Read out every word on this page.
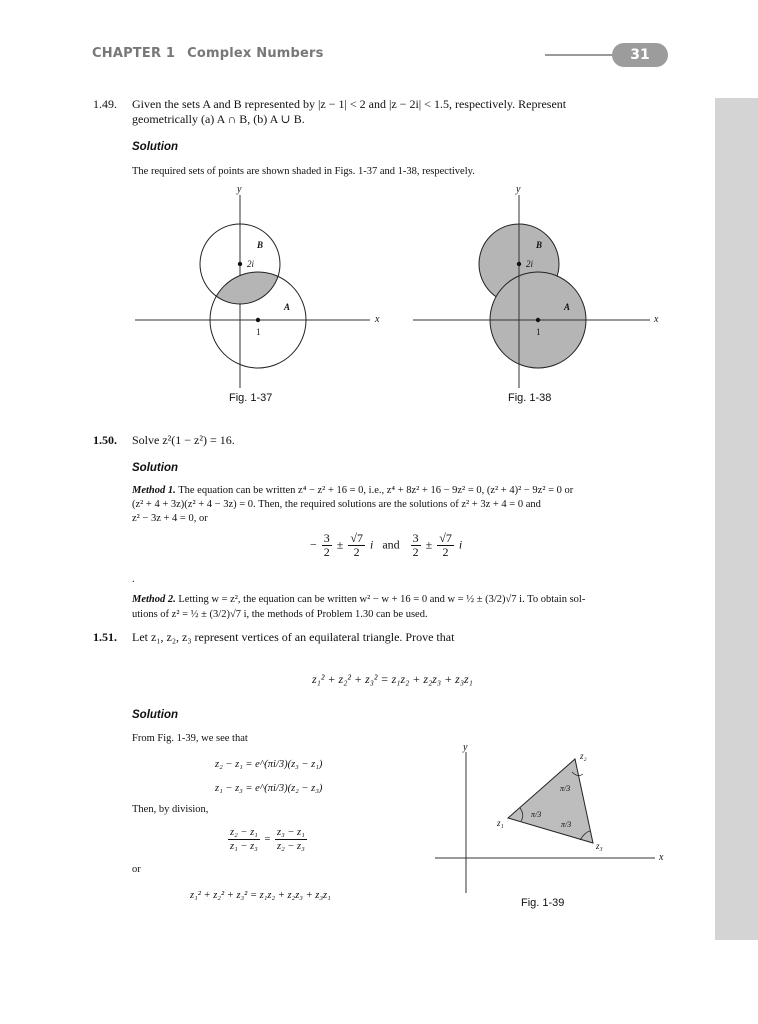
CHAPTER 1 Complex Numbers	31
1.49. Given the sets A and B represented by |z − 1| < 2 and |z − 2i| < 1.5, respectively. Represent
geometrically (a) A ∩ B, (b) A ∪ B.
Solution
The required sets of points are shown shaded in Figs. 1-37 and 1-38, respectively.
y
x
B
2i
A
1
Fig. 1-37
y
x
B
2i
A
1
Fig. 1-38
1.50. Solve z²(1 − z²) = 16.
Solution
Method 1. The equation can be written z⁴ − z² + 16 = 0, i.e., z⁴ + 8z² + 16 − 9z² = 0, (z² + 4)² − 9z² = 0 or
(z² + 4 + 3z)(z² + 4 − 3z) = 0. Then, the required solutions are the solutions of z² + 3z + 4 = 0 and
z² − 3z + 4 = 0, or
− $\frac{3}{2} \pm \frac{√7}{2}$ i and $\frac{3}{2} \pm \frac{√7}{2}$ i
.
Method 2. Letting w = z², the equation can be written w² − w + 16 = 0 and w = ½ ± (3/2)√7 i. To obtain sol-
utions of z² = ½ ± (3/2)√7 i, the methods of Problem 1.30 can be used.
1.51. Let z₁, z₂, z₃ represent vertices of an equilateral triangle. Prove that
z₁² + z₂² + z₃² = z₁z₂ + z₂z₃ + z₃z₁
Solution
From Fig. 1-39, we see that
z₂ − z₁ = e^(πi/3)(z₃ − z₁)
z₁ − z₃ = e^(πi/3)(z₂ − z₃)
Then, by division,
$\frac{\text{z₂ − z₁}}{\text{z₁ − z₃}} = \frac{\text{z₃ − z₁}}{\text{z₂ − z₃}}$
or
z₁² + z₂² + z₃² = z₁z₂ + z₂z₃ + z₃z₁
y
x
z₂
z₁
z₃
π/3
π/3
π/3
Fig. 1-39
